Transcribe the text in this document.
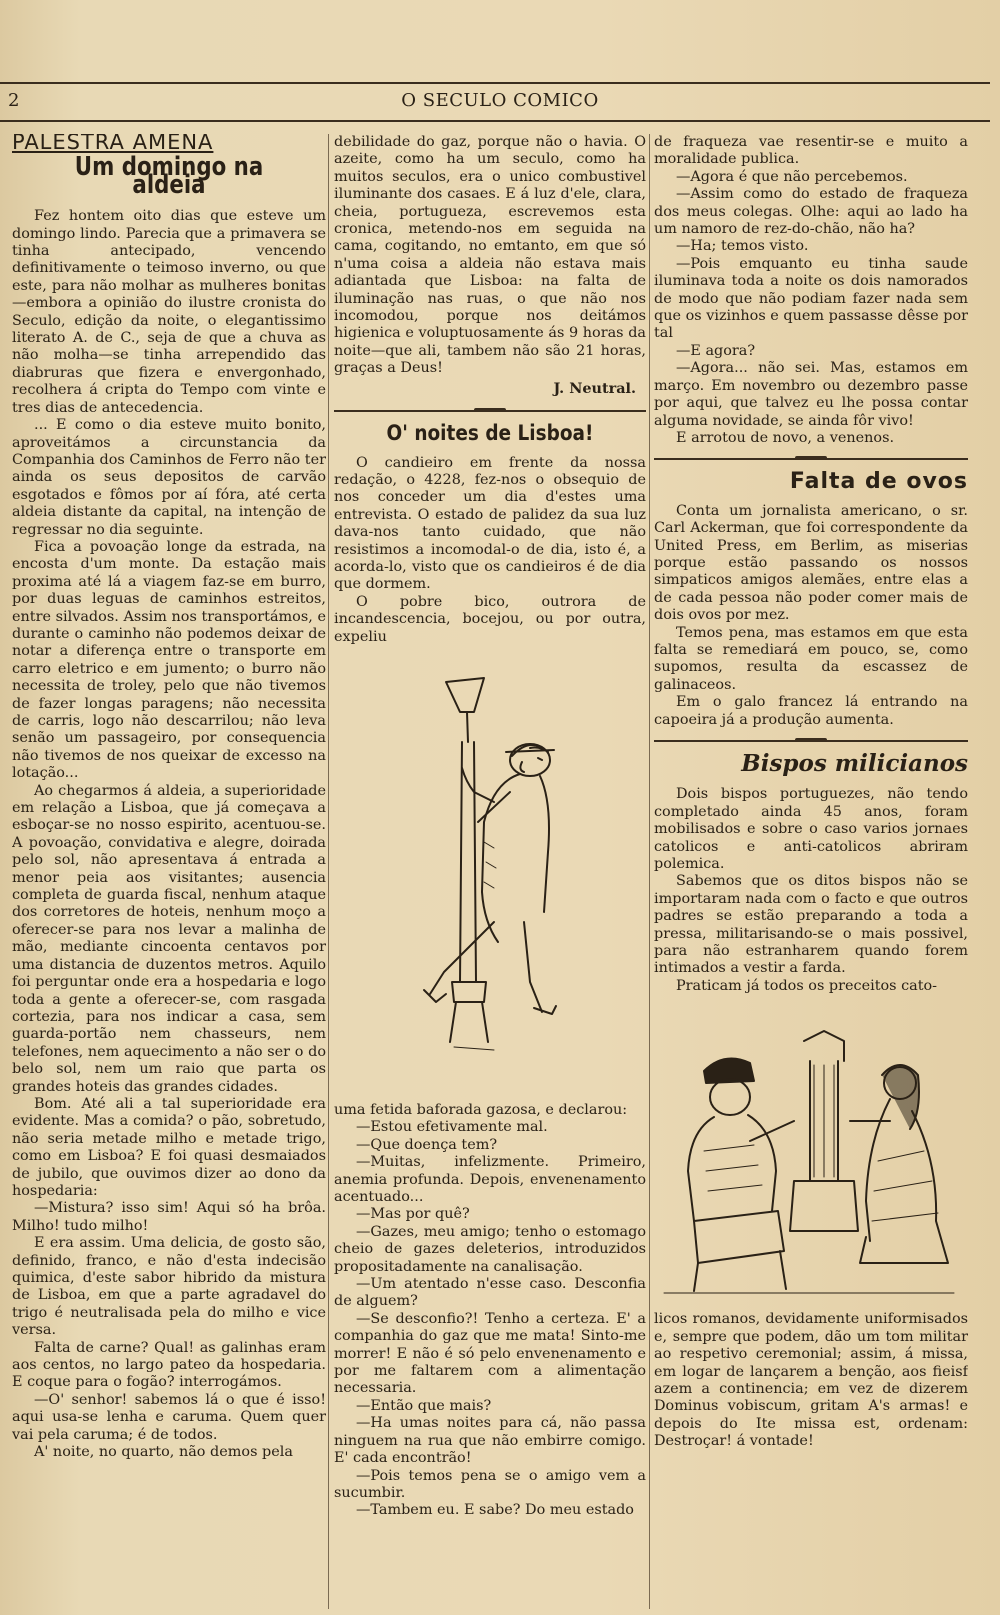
2	O SECULO COMICO
PALESTRA AMENA
Um domingo na aldeia

Fez hontem oito dias que esteve um domingo lindo. Parecia que a primavera se tinha antecipado, vencendo definitivamente o teimoso inverno, ou que este, para não molhar as mulheres bonitas—embora a opinião do ilustre cronista do Seculo, edição da noite, o elegantissimo literato A. de C., seja de que a chuva as não molha—se tinha arrependido das diabruras que fizera e envergonhado, recolhera á cripta do Tempo com vinte e tres dias de antecedencia.

... E como o dia esteve muito bonito, aproveitámos a circunstancia da Companhia dos Caminhos de Ferro não ter ainda os seus depositos de carvão esgotados e fômos por aí fóra, até certa aldeia distante da capital, na intenção de regressar no dia seguinte.

Fica a povoação longe da estrada, na encosta d'um monte. Da estação mais proxima até lá a viagem faz-se em burro, por duas leguas de caminhos estreitos, entre silvados. Assim nos transportámos, e durante o caminho não podemos deixar de notar a diferença entre o transporte em carro eletrico e em jumento; o burro não necessita de troley, pelo que não tivemos de fazer longas paragens; não necessita de carris, logo não descarrilou; não leva senão um passageiro, por consequencia não tivemos de nos queixar de excesso na lotação...

Ao chegarmos á aldeia, a superioridade em relação a Lisboa, que já começava a esboçar-se no nosso espirito, acentuou-se. A povoação, convidativa e alegre, doirada pelo sol, não apresentava á entrada a menor peia aos visitantes; ausencia completa de guarda fiscal, nenhum ataque dos corretores de hoteis, nenhum moço a oferecer-se para nos levar a malinha de mão, mediante cincoenta centavos por uma distancia de duzentos metros. Aquilo foi perguntar onde era a hospedaria e logo toda a gente a oferecer-se, com rasgada cortezia, para nos indicar a casa, sem guarda-portão nem chasseurs, nem telefones, nem aquecimento a não ser o do belo sol, nem um raio que parta os grandes hoteis das grandes cidades.

Bom. Até ali a tal superioridade era evidente. Mas a comida? o pão, sobretudo, não seria metade milho e metade trigo, como em Lisboa? E foi quasi desmaiados de jubilo, que ouvimos dizer ao dono da hospedaria:

—Mistura? isso sim! Aqui só ha brôa. Milho! tudo milho!

E era assim. Uma delicia, de gosto são, definido, franco, e não d'esta indecisão quimica, d'este sabor hibrido da mistura de Lisboa, em que a parte agradavel do trigo é neutralisada pela do milho e vice versa.

Falta de carne? Qual! as galinhas eram aos centos, no largo pateo da hospedaria. E coque para o fogão? interrogámos.

—O' senhor! sabemos lá o que é isso! aqui usa-se lenha e caruma. Quem quer vai pela caruma; é de todos.

A' noite, no quarto, não demos pela

debilidade do gaz, porque não o havia. O azeite, como ha um seculo, como ha muitos seculos, era o unico combustivel iluminante dos casaes. E á luz d'ele, clara, cheia, portugueza, escrevemos esta cronica, metendo-nos em seguida na cama, cogitando, no emtanto, em que só n'uma coisa a aldeia não estava mais adiantada que Lisboa: na falta de iluminação nas ruas, o que não nos incomodou, porque nos deitámos higienica e voluptuosamente ás 9 horas da noite—que ali, tambem não são 21 horas, graças a Deus!

J. Neutral.
O' noites de Lisboa!

O candieiro em frente da nossa redação, o 4228, fez-nos o obsequio de nos conceder um dia d'estes uma entrevista. O estado de palidez da sua luz dava-nos tanto cuidado, que não resistimos a incomodal-o de dia, isto é, a acorda-lo, visto que os candieiros é de dia que dormem.

O pobre bico, outrora de incandescencia, bocejou, ou por outra, expeliu

uma fetida baforada gazosa, e declarou:

—Estou efetivamente mal.

—Que doença tem?

—Muitas, infelizmente. Primeiro, anemia profunda. Depois, envenenamento acentuado...

—Mas por quê?

—Gazes, meu amigo; tenho o estomago cheio de gazes deleterios, introduzidos propositadamente na canalisação.

—Um atentado n'esse caso. Desconfia de alguem?

—Se desconfio?! Tenho a certeza. E' a companhia do gaz que me mata! Sinto-me morrer! E não é só pelo envenenamento e por me faltarem com a alimentação necessaria.

—Então que mais?

—Ha umas noites para cá, não passa ninguem na rua que não embirre comigo. E' cada encontrão!

—Pois temos pena se o amigo vem a sucumbir.

—Tambem eu. E sabe? Do meu estado

de fraqueza vae resentir-se e muito a moralidade publica.

—Agora é que não percebemos.

—Assim como do estado de fraqueza dos meus colegas. Olhe: aqui ao lado ha um namoro de rez-do-chão, não ha?

—Ha; temos visto.

—Pois emquanto eu tinha saude iluminava toda a noite os dois namorados de modo que não podiam fazer nada sem que os vizinhos e quem passasse dêsse por tal

—E agora?

—Agora... não sei. Mas, estamos em março. Em novembro ou dezembro passe por aqui, que talvez eu lhe possa contar alguma novidade, se ainda fôr vivo!

E arrotou de novo, a venenos.

Falta de ovos

Conta um jornalista americano, o sr. Carl Ackerman, que foi correspondente da United Press, em Berlim, as miserias porque estão passando os nossos simpaticos amigos alemães, entre elas a de cada pessoa não poder comer mais de dois ovos por mez.

Temos pena, mas estamos em que esta falta se remediará em pouco, se, como supomos, resulta da escassez de galinaceos.

Em o galo francez lá entrando na capoeira já a produção aumenta.

Bispos milicianos

Dois bispos portuguezes, não tendo completado ainda 45 anos, foram mobilisados e sobre o caso varios jornaes catolicos e anti-catolicos abriram polemica.

Sabemos que os ditos bispos não se importaram nada com o facto e que outros padres se estão preparando a toda a pressa, militarisando-se o mais possivel, para não estranharem quando forem intimados a vestir a farda.

Praticam já todos os preceitos cato-

licos romanos, devidamente uniformisados e, sempre que podem, dão um tom militar ao respetivo ceremonial; assim, á missa, em logar de lançarem a benção, aos fieisf azem a continencia; em vez de dizerem Dominus vobiscum, gritam A's armas! e depois do Ite missa est, ordenam: Destroçar! á vontade!
